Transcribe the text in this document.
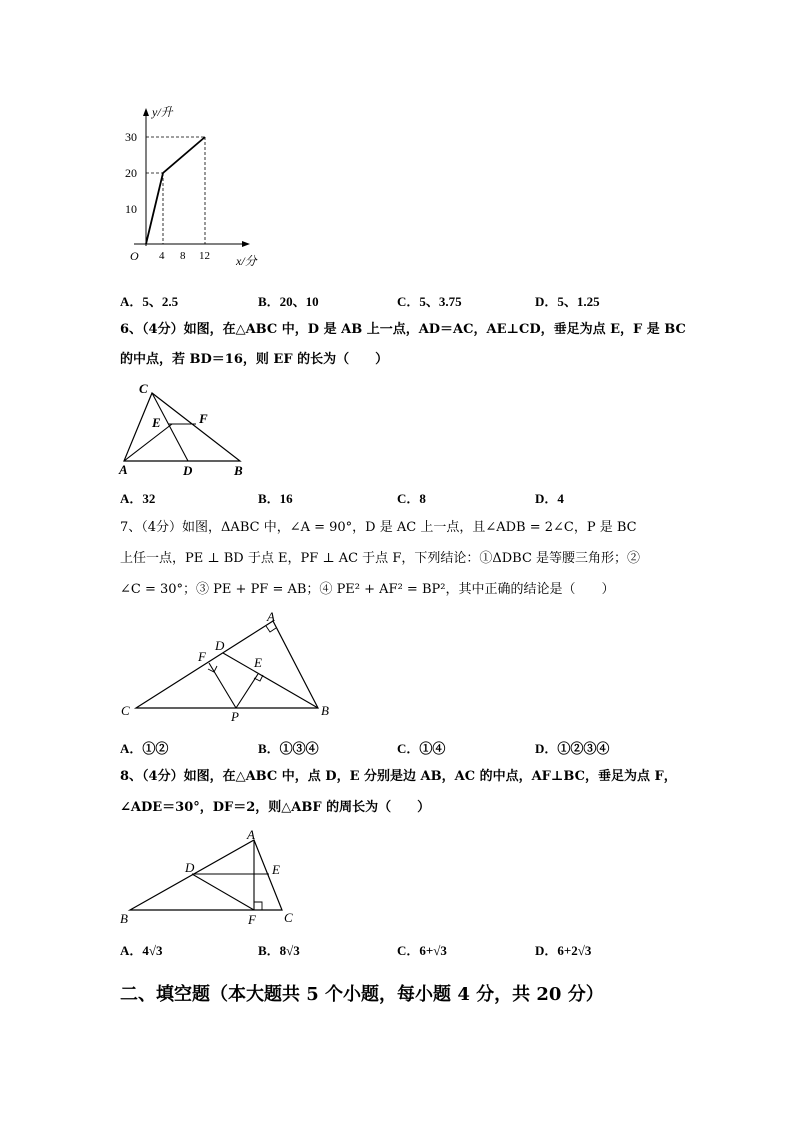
y/升
30
20
10
O 4 8 12 x/分
A．5、2.5	B．20、10	C．5、3.75	D．5、1.25
6、（4分）如图，在△ABC 中，D 是 AB 上一点，AD＝AC，AE⊥CD，垂足为点 E，F 是 BC
的中点，若 BD＝16，则 EF 的长为（　　）
C
E	F
A	D	B
A．32	B．16	C．8	D．4
7、（4分）如图，ΔABC 中，∠A = 90°，D 是 AC 上一点，且∠ADB = 2∠C，P 是 BC
上任一点，PE ⊥ BD 于点 E，PF ⊥ AC 于点 F，下列结论：①ΔDBC 是等腰三角形；②
∠C = 30°；③ PE + PF = AB；④ PE² + AF² = BP²，其中正确的结论是（　　）
A
D
F	E
C	P	B
A．①②	B．①③④	C．①④	D．①②③④
8、（4分）如图，在△ABC 中，点 D，E 分别是边 AB，AC 的中点，AF⊥BC，垂足为点 F，
∠ADE＝30°，DF＝2，则△ABF 的周长为（　　）
A
D	E
B	F C
A．4√3	B．8√3	C．6+√3	D．6+2√3
二、填空题（本大题共 5 个小题，每小题 4 分，共 20 分）
